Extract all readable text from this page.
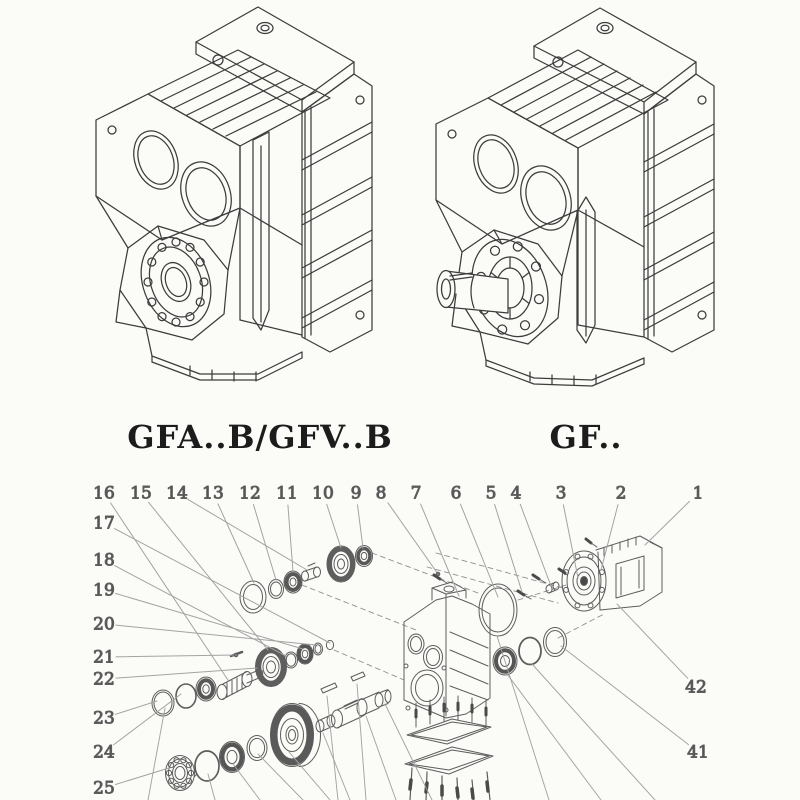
1
2
3
4
5
6
7
8
9
10
11
12
13
14
15
16
17
18
19
20
21
22
23
24
25
41
42
GFA..B/GFV..B	GF..
